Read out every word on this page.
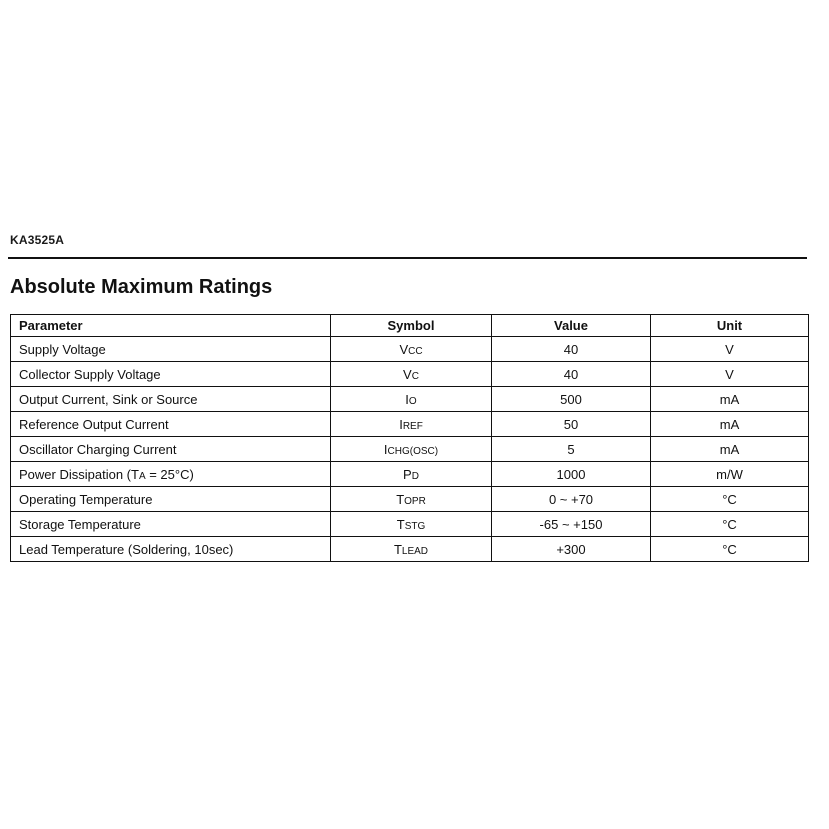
KA3525A
Absolute Maximum Ratings
Parameter	Symbol	Value	Unit
Supply Voltage	VCC	40	V
Collector Supply Voltage	VC	40	V
Output Current, Sink or Source	IO	500	mA
Reference Output Current	IREF	50	mA
Oscillator Charging Current	ICHG(OSC)	5	mA
Power Dissipation (TA = 25°C)	PD	1000	m/W
Operating Temperature	TOPR	0 ~ +70	°C
Storage Temperature	TSTG	-65 ~ +150	°C
Lead Temperature (Soldering, 10sec)	TLEAD	+300	°C
